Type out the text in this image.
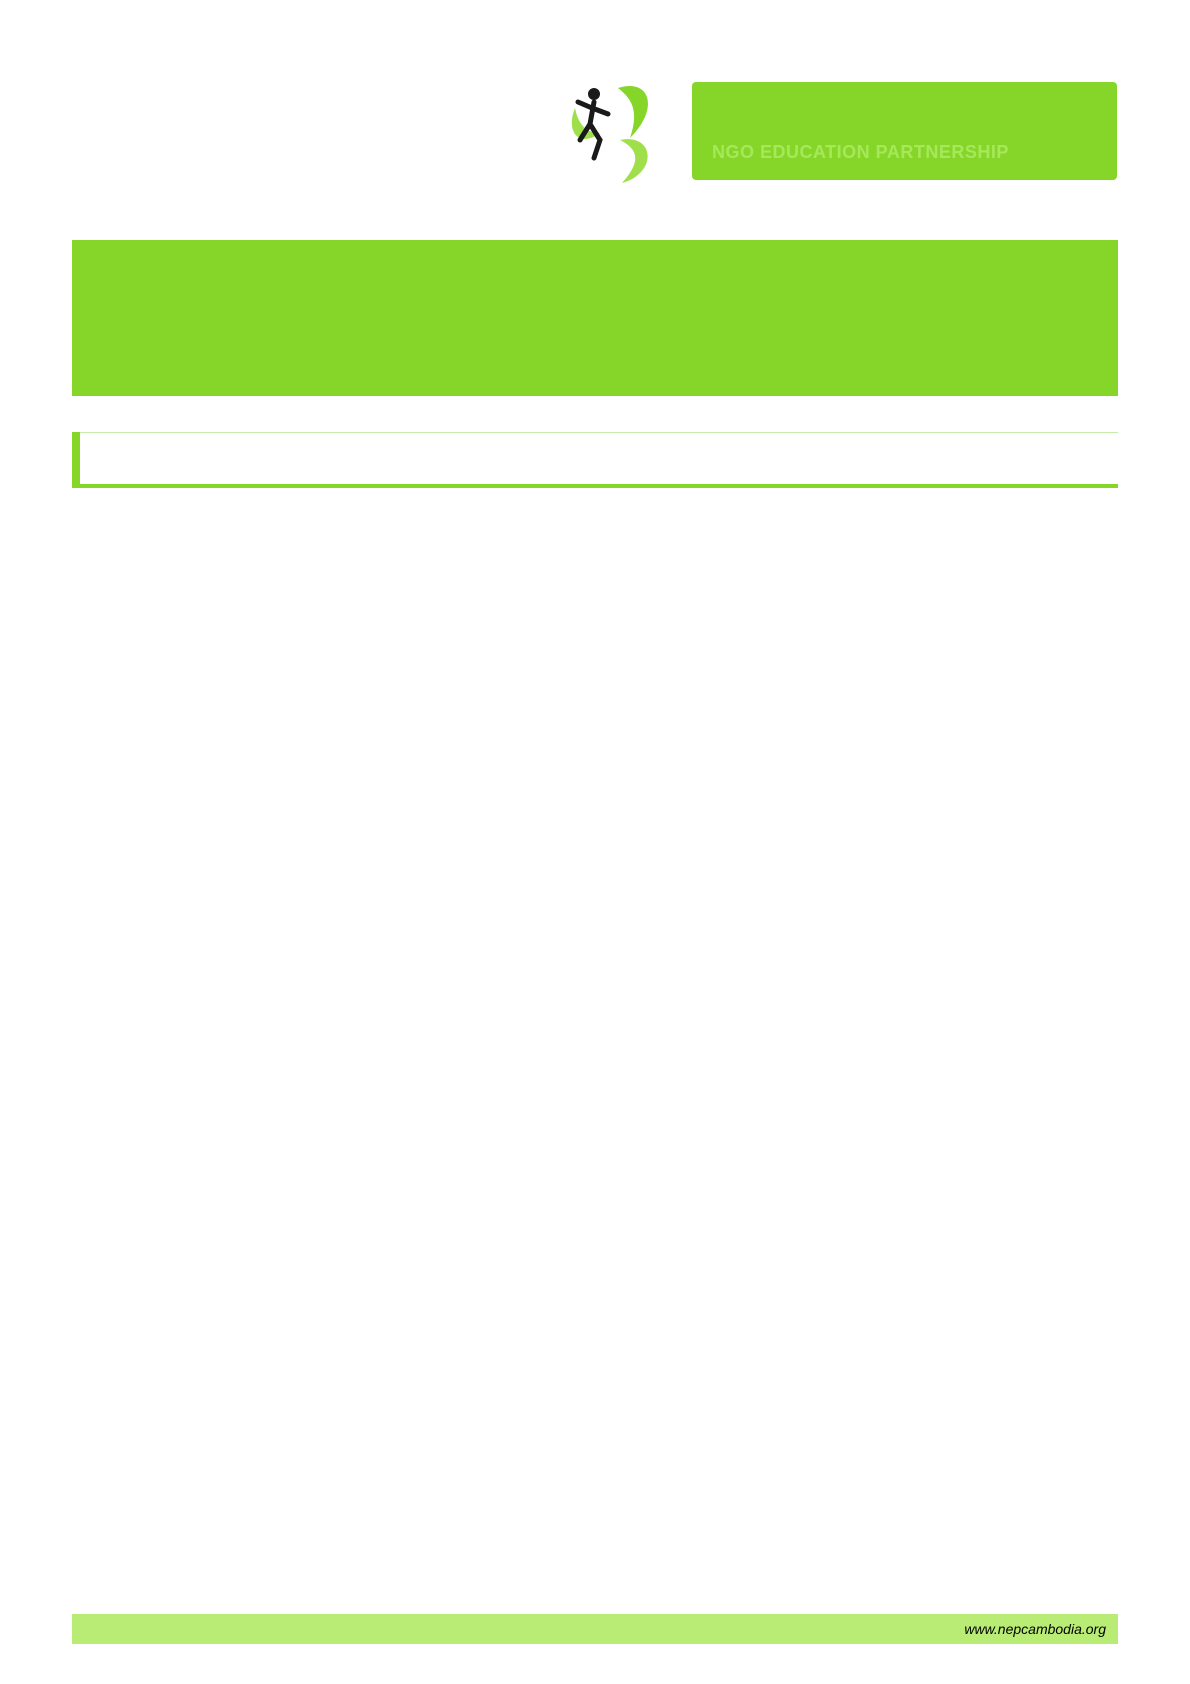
NGO EDUCATION PARTNERSHIP
www.nepcambodia.org
